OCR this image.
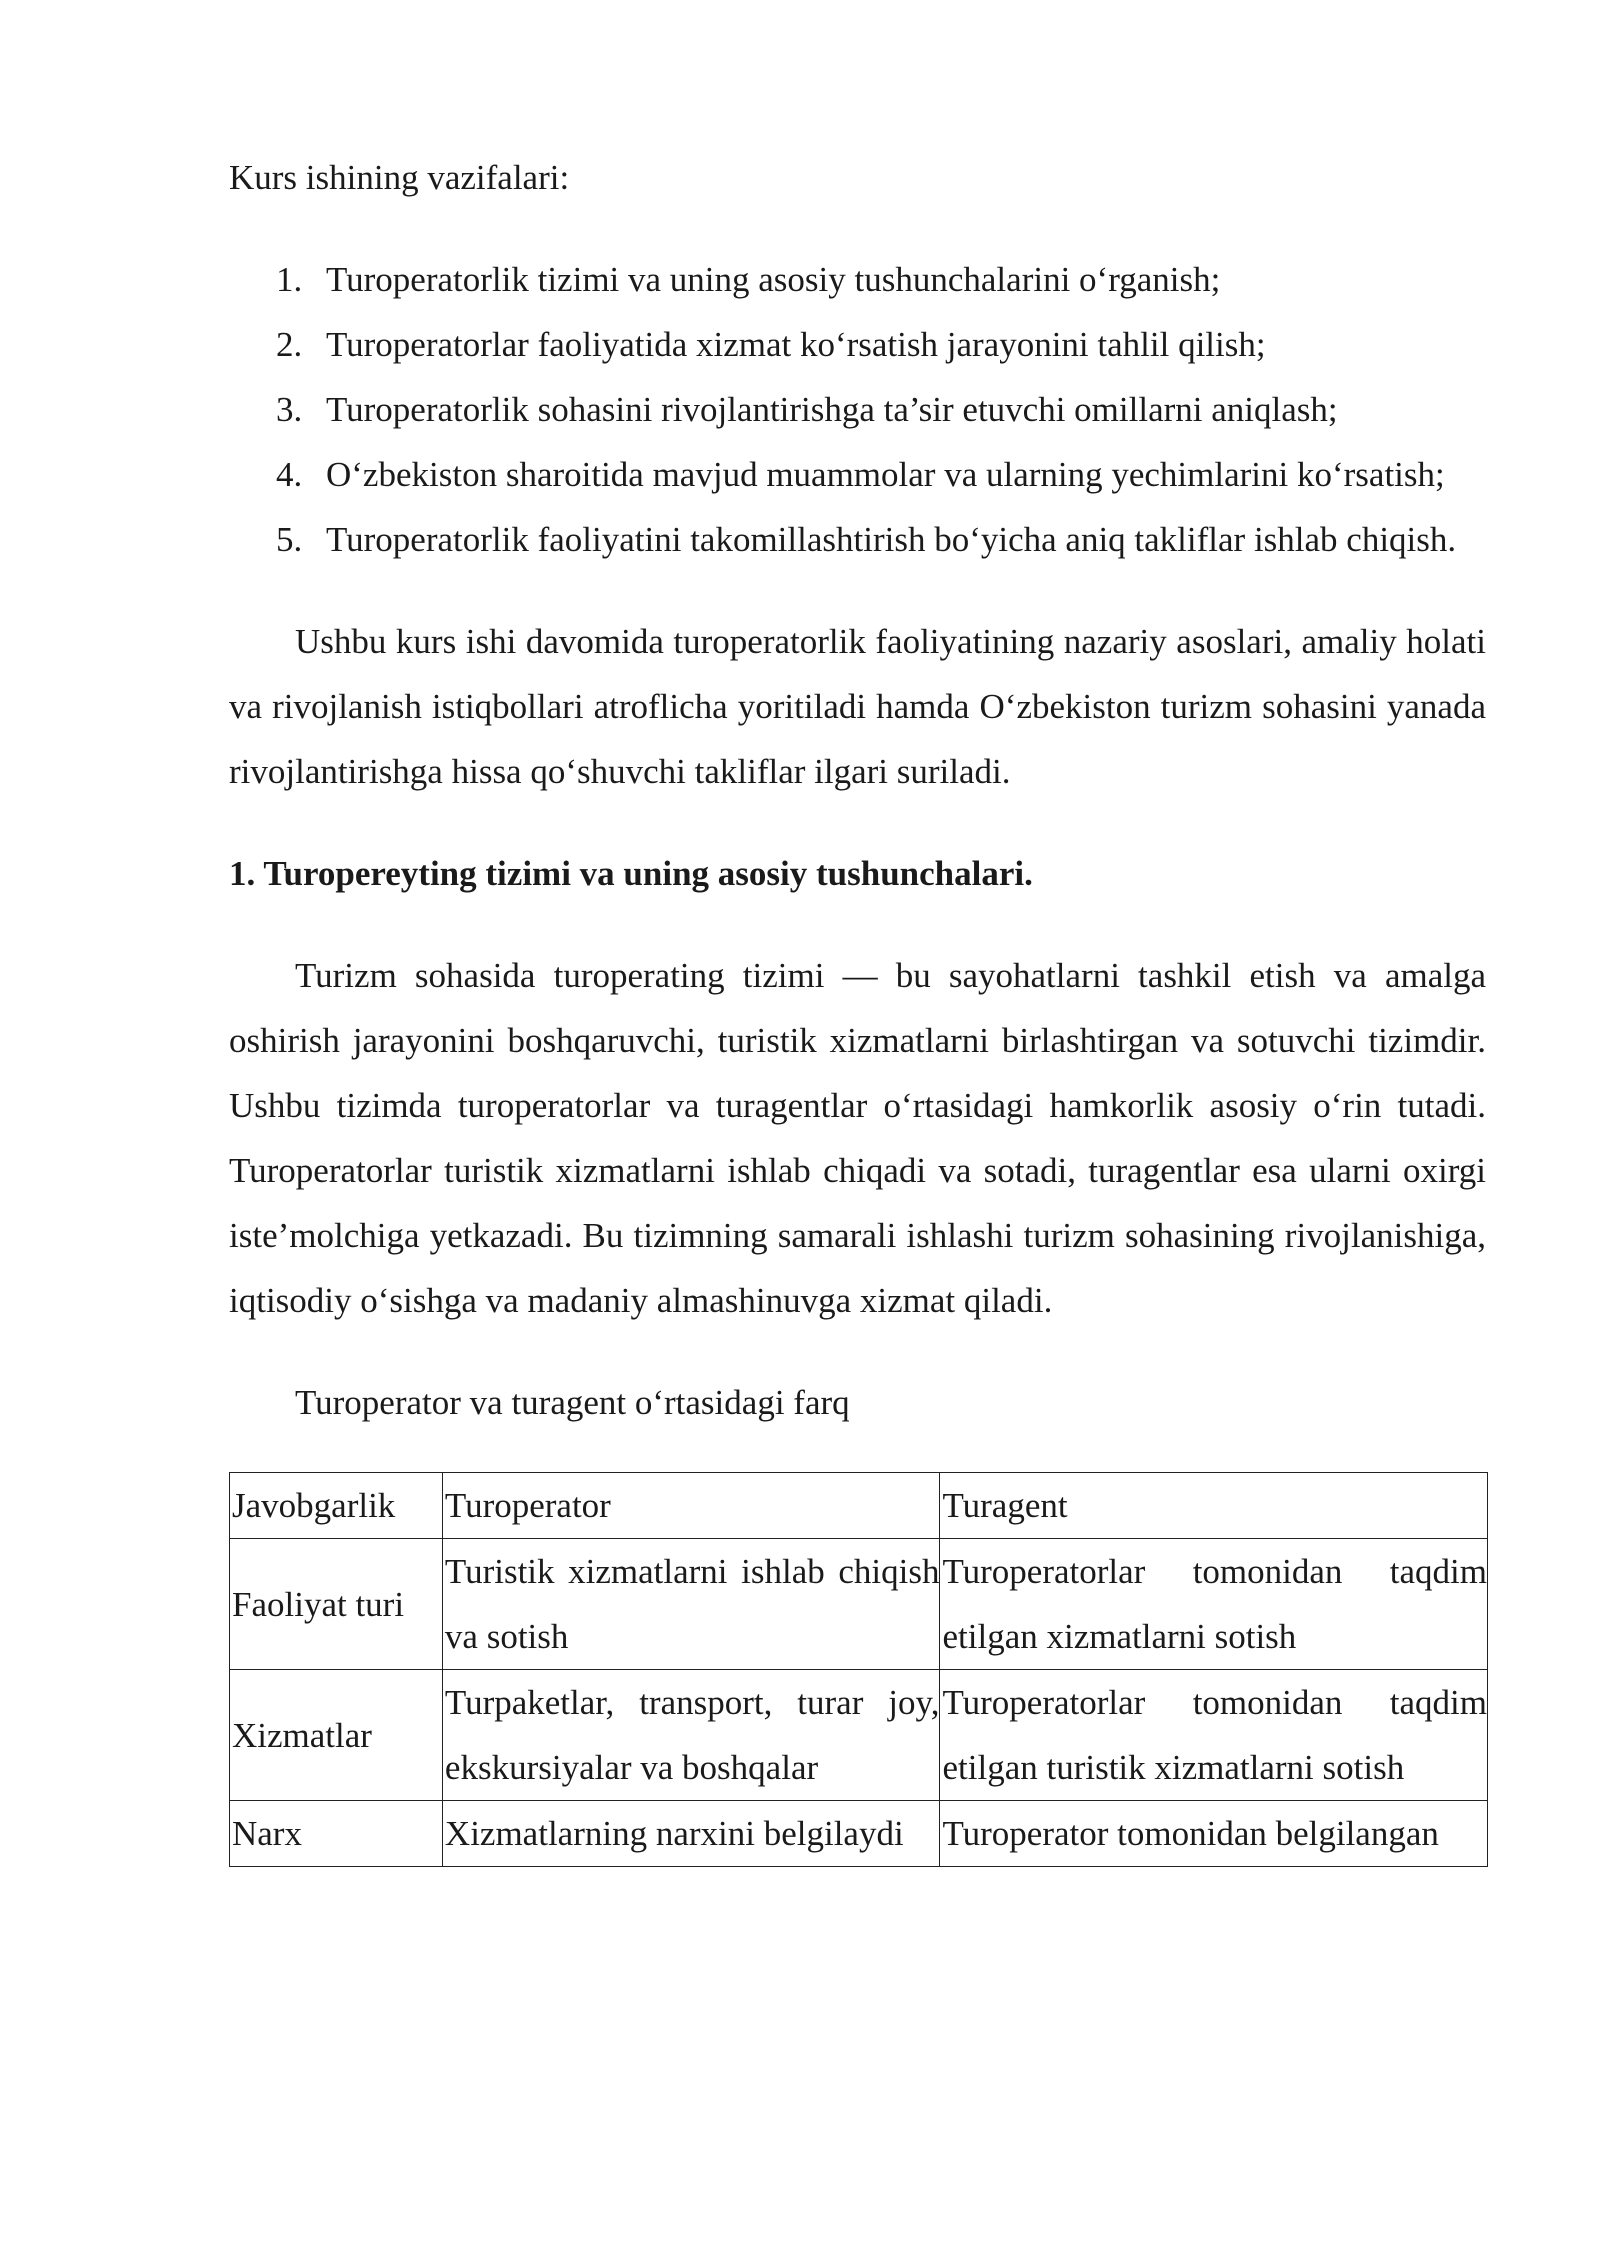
Kurs ishining vazifalari:

1. Turoperatorlik tizimi va uning asosiy tushunchalarini o‘rganish;
2. Turoperatorlar faoliyatida xizmat ko‘rsatish jarayonini tahlil qilish;
3. Turoperatorlik sohasini rivojlantirishga ta’sir etuvchi omillarni aniqlash;
4. O‘zbekiston sharoitida mavjud muammolar va ularning yechimlarini ko‘rsatish;
5. Turoperatorlik faoliyatini takomillashtirish bo‘yicha aniq takliflar ishlab chiqish.

Ushbu kurs ishi davomida turoperatorlik faoliyatining nazariy asoslari, amaliy holati va rivojlanish istiqbollari atroflicha yoritiladi hamda O‘zbekiston turizm sohasini yanada rivojlantirishga hissa qo‘shuvchi takliflar ilgari suriladi.

1. Turopereyting tizimi va uning asosiy tushunchalari.

Turizm sohasida turoperating tizimi — bu sayohatlarni tashkil etish va amalga oshirish jarayonini boshqaruvchi, turistik xizmatlarni birlashtirgan va sotuvchi tizimdir. Ushbu tizimda turoperatorlar va turagentlar o‘rtasidagi hamkorlik asosiy o‘rin tutadi. Turoperatorlar turistik xizmatlarni ishlab chiqadi va sotadi, turagentlar esa ularni oxirgi iste’molchiga yetkazadi. Bu tizimning samarali ishlashi turizm sohasining rivojlanishiga, iqtisodiy o‘sishga va madaniy almashinuvga xizmat qiladi.

Turoperator va turagent o‘rtasidagi farq

Javobgarlik	Turoperator	Turagent
Faoliyat turi	Turistik xizmatlarni ishlab chiqish va sotish	Turoperatorlar tomonidan taqdim etilgan xizmatlarni sotish
Xizmatlar	Turpaketlar, transport, turar joy, ekskursiyalar va boshqalar	Turoperatorlar tomonidan taqdim etilgan turistik xizmatlarni sotish
Narx	Xizmatlarning narxini belgilaydi	Turoperator tomonidan belgilangan
